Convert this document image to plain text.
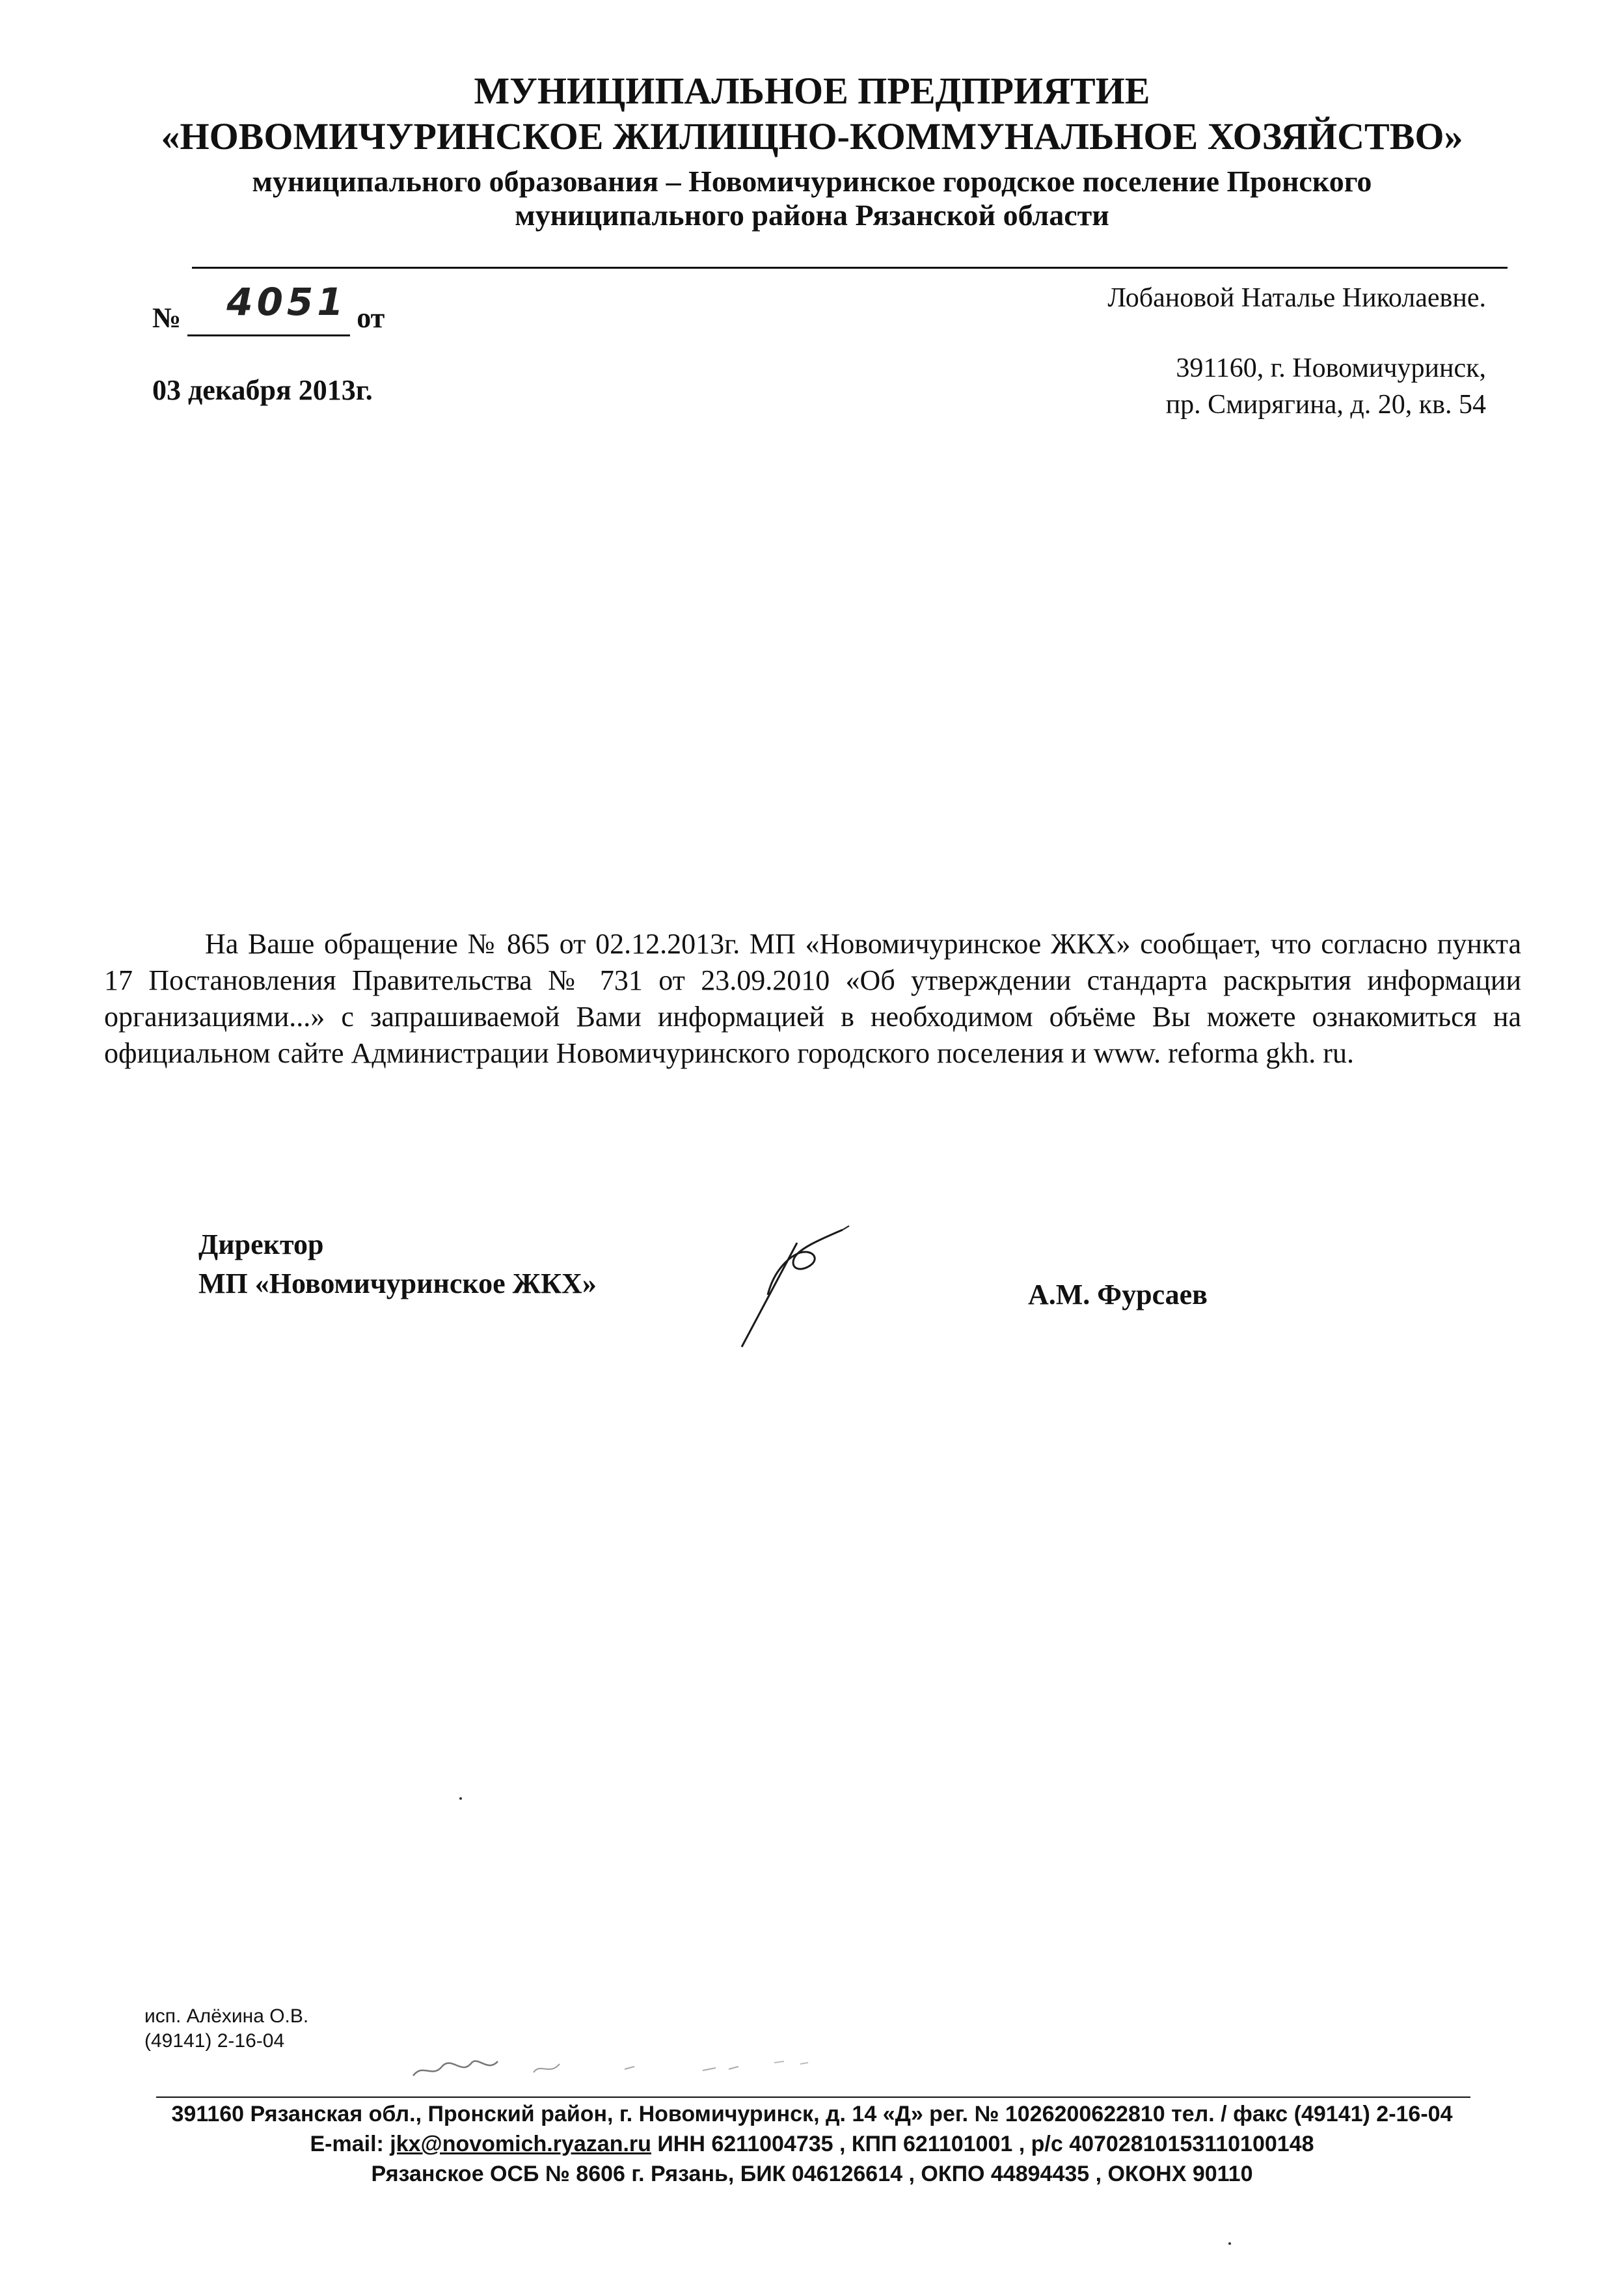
МУНИЦИПАЛЬНОЕ ПРЕДПРИЯТИЕ
«НОВОМИЧУРИНСКОЕ ЖИЛИЩНО-КОММУНАЛЬНОЕ ХОЗЯЙСТВО»
муниципального образования – Новомичуринское городское поселение Пронского
муниципального района Рязанской области
№ 4051 от
03 декабря 2013г.
Лобановой Наталье Николаевне.
391160, г. Новомичуринск,
пр. Смирягина, д. 20, кв. 54
На Ваше обращение № 865 от 02.12.2013г. МП «Новомичуринское ЖКХ» сообщает, что согласно пункта 17 Постановления Правительства № 731 от 23.09.2010 «Об утверждении стандарта раскрытия информации организациями...» с запрашиваемой Вами информацией в необходимом объёме Вы можете ознакомиться на официальном сайте Администрации Новомичуринского городского поселения и www. reforma gkh. ru.
Директор
МП «Новомичуринское ЖКХ»	А.М. Фурсаев
исп. Алёхина О.В.
(49141) 2-16-04
391160 Рязанская обл., Пронский район, г. Новомичуринск, д. 14 «Д» рег. № 1026200622810 тел. / факс (49141) 2-16-04
E-mail: jkx@novomich.ryazan.ru ИНН 6211004735 , КПП 621101001 , р/с 40702810153110100148
Рязанское ОСБ № 8606 г. Рязань, БИК 046126614 , ОКПО 44894435 , ОКОНХ 90110
